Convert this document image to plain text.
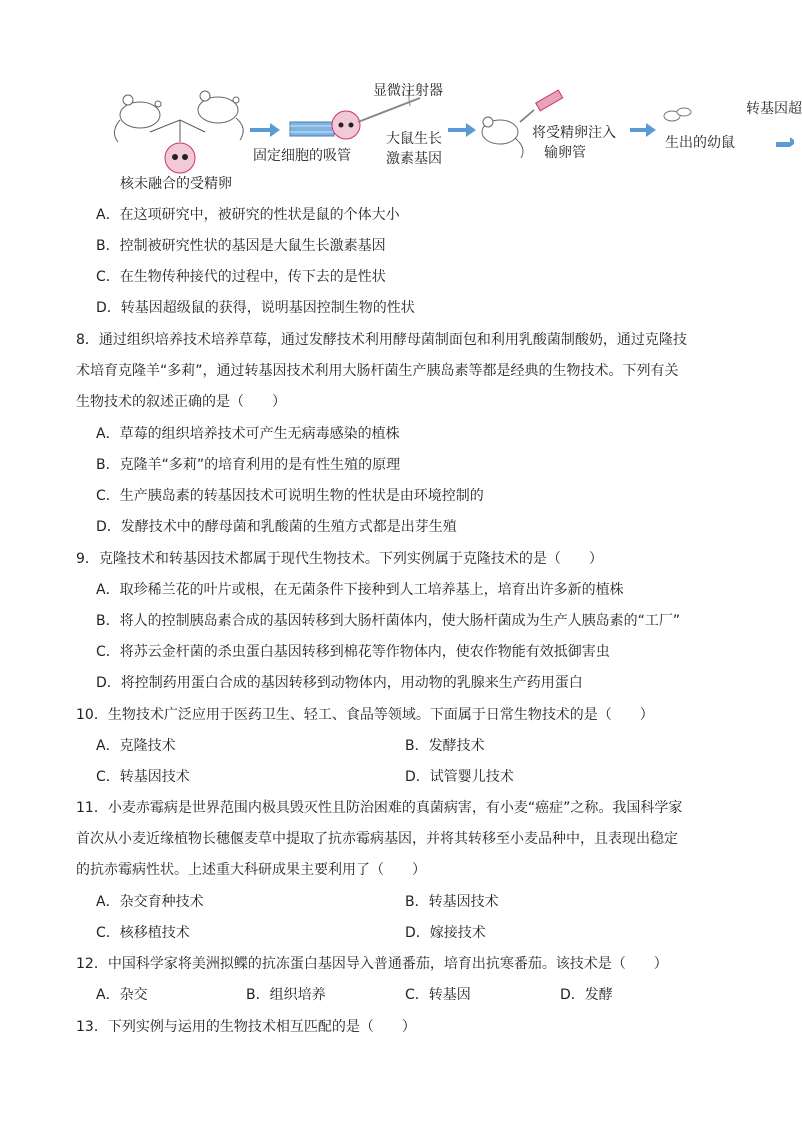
显微注射器
转基因超
固定细胞的吸管
大鼠生长
激素基因
将受精卵注入
输卵管
生出的幼鼠
核未融合的受精卵
A．在这项研究中，被研究的性状是鼠的个体大小
B．控制被研究性状的基因是大鼠生长激素基因
C．在生物传种接代的过程中，传下去的是性状
D．转基因超级鼠的获得，说明基因控制生物的性状
8．通过组织培养技术培养草莓，通过发酵技术利用酵母菌制面包和利用乳酸菌制酸奶，通过克隆技
术培育克隆羊“多莉”，通过转基因技术利用大肠杆菌生产胰岛素等都是经典的生物技术。下列有关
生物技术的叙述正确的是（　　）
A．草莓的组织培养技术可产生无病毒感染的植株
B．克隆羊“多莉”的培育利用的是有性生殖的原理
C．生产胰岛素的转基因技术可说明生物的性状是由环境控制的
D．发酵技术中的酵母菌和乳酸菌的生殖方式都是出芽生殖
9．克隆技术和转基因技术都属于现代生物技术。下列实例属于克隆技术的是（　　）
A．取珍稀兰花的叶片或根，在无菌条件下接种到人工培养基上，培育出许多新的植株
B．将人的控制胰岛素合成的基因转移到大肠杆菌体内，使大肠杆菌成为生产人胰岛素的“工厂”
C．将苏云金杆菌的杀虫蛋白基因转移到棉花等作物体内，使农作物能有效抵御害虫
D．将控制药用蛋白合成的基因转移到动物体内，用动物的乳腺来生产药用蛋白
10．生物技术广泛应用于医药卫生、轻工、食品等领域。下面属于日常生物技术的是（　　）
A．克隆技术	B．发酵技术
C．转基因技术	D．试管婴儿技术
11．小麦赤霉病是世界范围内极具毁灭性且防治困难的真菌病害，有小麦“癌症”之称。我国科学家
首次从小麦近缘植物长穗偃麦草中提取了抗赤霉病基因，并将其转移至小麦品种中，且表现出稳定
的抗赤霉病性状。上述重大科研成果主要利用了（　　）
A．杂交育种技术	B．转基因技术
C．核移植技术	D．嫁接技术
12．中国科学家将美洲拟鲽的抗冻蛋白基因导入普通番茄，培育出抗寒番茄。该技术是（　　）
A．杂交	B．组织培养	C．转基因	D．发酵
13．下列实例与运用的生物技术相互匹配的是（　　）
